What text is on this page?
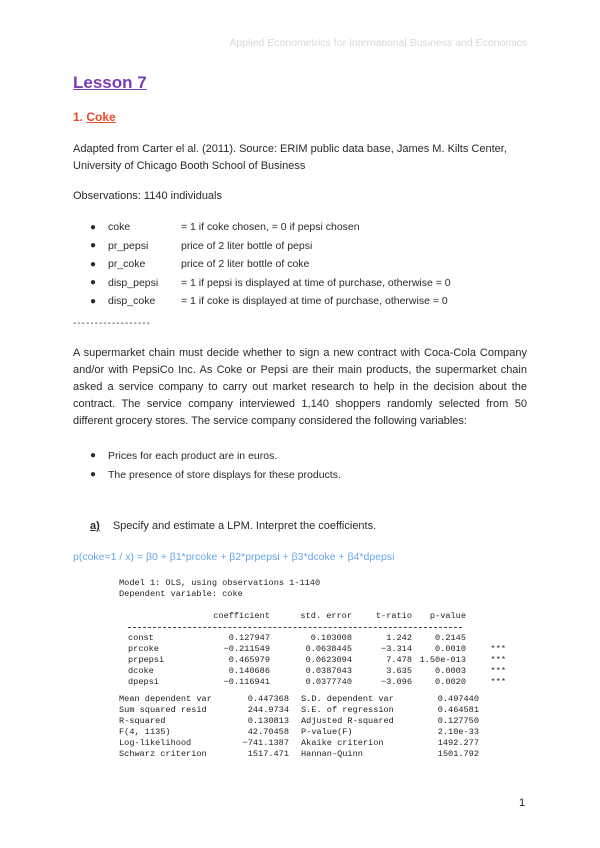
Applied Econometrics for International Business and Economics
Lesson 7
1. Coke
Adapted from Carter el al. (2011). Source: ERIM public data base, James M. Kilts Center, University of Chicago Booth School of Business
Observations: 1140 individuals
●	coke	= 1 if coke chosen, = 0 if pepsi chosen
●	pr_pepsi	price of 2 liter bottle of pepsi
●	pr_coke	price of 2 liter bottle of coke
●	disp_pepsi	= 1 if pepsi is displayed at time of purchase, otherwise = 0
●	disp_coke	= 1 if coke is displayed at time of purchase, otherwise = 0
------------------
A supermarket chain must decide whether to sign a new contract with Coca-Cola Company and/or with PepsiCo Inc. As Coke or Pepsi are their main products, the supermarket chain asked a service company to carry out market research to help in the decision about the contract. The service company interviewed 1,140 shoppers randomly selected from 50 different grocery stores. The service company considered the following variables:
●	Prices for each product are in euros.
●	The presence of store displays for these products.
a) Specify and estimate a LPM. Interpret the coefficients.
p(coke=1 / x) = β0 + β1*prcoke + β2*prpepsi + β3*dcoke + β4*dpepsi
Model 1: OLS, using observations 1-1140
Dependent variable: coke
	coefficient	std. error	t-ratio	p-value	
const	0.127947	0.103008	1.242	0.2145	
prcoke	−0.211549	0.0638445	−3.314	0.0010	***
prpepsi	0.465979	0.0623094	7.478	1.50e-013	***
dcoke	0.140686	0.0387043	3.635	0.0003	***
dpepsi	−0.116941	0.0377740	−3.096	0.0020	***
Mean dependent var	0.447368		S.D. dependent var	0.497440
Sum squared resid	244.9734		S.E. of regression	0.464581
R-squared	0.130813		Adjusted R-squared	0.127750
F(4, 1135)	42.70458		P-value(F)	2.10e-33
Log-likelihood	−741.1387		Akaike criterion	1492.277
Schwarz criterion	1517.471		Hannan-Quinn	1501.792
1
